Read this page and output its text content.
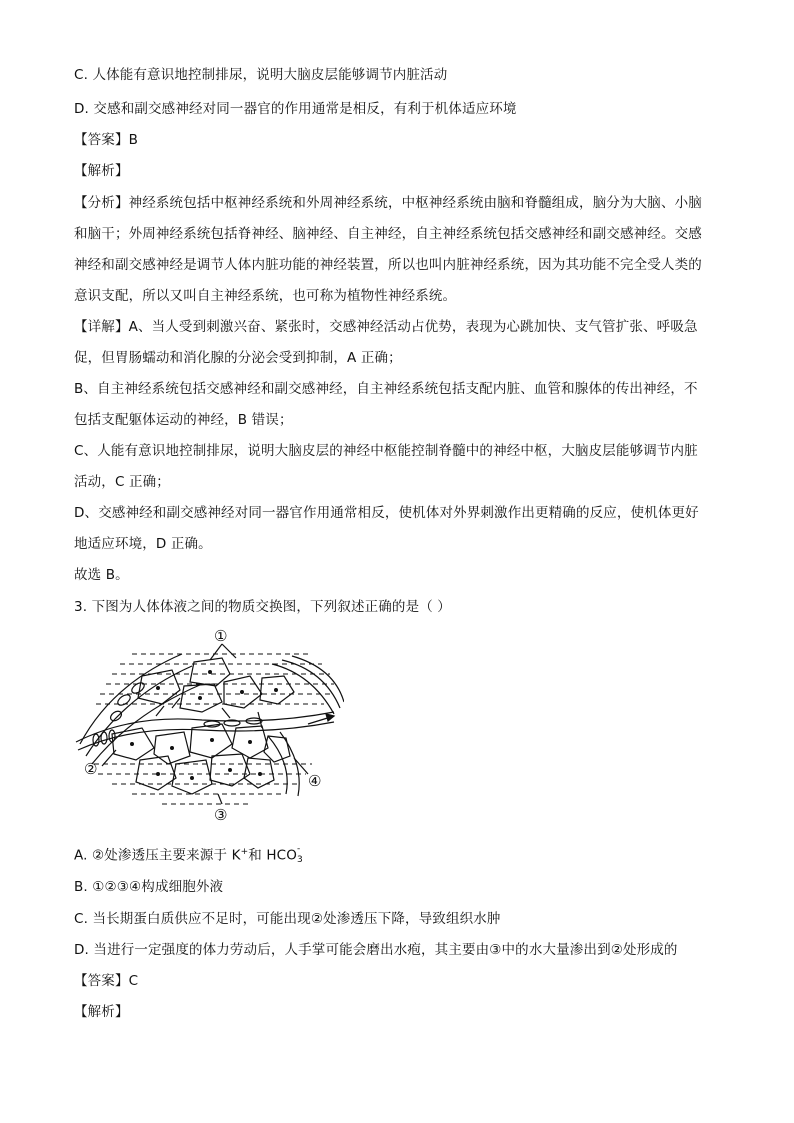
C. 人体能有意识地控制排尿，说明大脑皮层能够调节内脏活动
D. 交感和副交感神经对同一器官的作用通常是相反，有利于机体适应环境
【答案】B
【解析】
【分析】神经系统包括中枢神经系统和外周神经系统，中枢神经系统由脑和脊髓组成，脑分为大脑、小脑
和脑干；外周神经系统包括脊神经、脑神经、自主神经，自主神经系统包括交感神经和副交感神经。交感
神经和副交感神经是调节人体内脏功能的神经装置，所以也叫内脏神经系统，因为其功能不完全受人类的
意识支配，所以又叫自主神经系统，也可称为植物性神经系统。
【详解】A、当人受到刺激兴奋、紧张时，交感神经活动占优势，表现为心跳加快、支气管扩张、呼吸急
促，但胃肠蠕动和消化腺的分泌会受到抑制，A 正确；
B、自主神经系统包括交感神经和副交感神经，自主神经系统包括支配内脏、血管和腺体的传出神经，不
包括支配躯体运动的神经，B 错误；
C、人能有意识地控制排尿，说明大脑皮层的神经中枢能控制脊髓中的神经中枢，大脑皮层能够调节内脏
活动，C 正确；
D、交感神经和副交感神经对同一器官作用通常相反，使机体对外界刺激作出更精确的反应，使机体更好
地适应环境，D 正确。
故选 B。
3. 下图为人体体液之间的物质交换图，下列叙述正确的是（ ）
①
②
③
④
A. ②处渗透压主要来源于 K+和 HCO -
3
B. ①②③④构成细胞外液
C. 当长期蛋白质供应不足时，可能出现②处渗透压下降，导致组织水肿
D. 当进行一定强度的体力劳动后，人手掌可能会磨出水疱，其主要由③中的水大量渗出到②处形成的
【答案】C
【解析】
